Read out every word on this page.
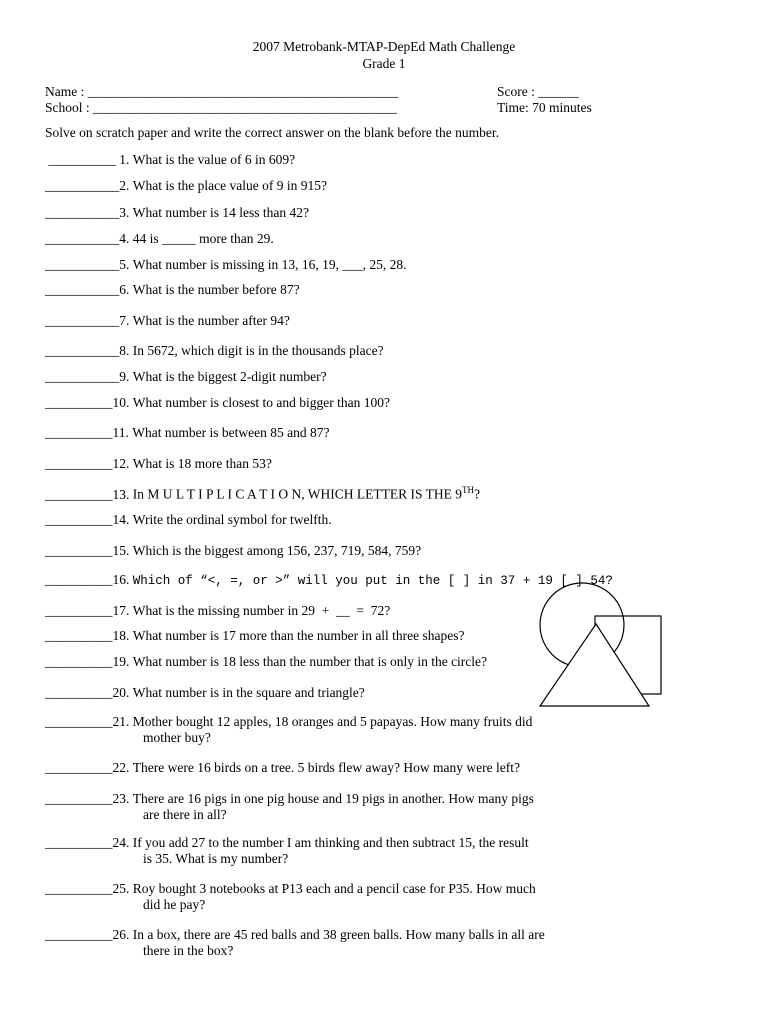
2007 Metrobank-MTAP-DepEd Math Challenge
Grade 1
Name : ______________________________________________
School : _____________________________________________
Score : ______
Time: 70 minutes
Solve on scratch paper and write the correct answer on the blank before the number.
__________ 1. What is the value of 6 in 609?
___________2. What is the place value of 9 in 915?
___________3. What number is 14 less than 42?
___________4. 44 is _____ more than 29.
___________5. What number is missing in 13, 16, 19, ___, 25, 28.
___________6. What is the number before 87?
___________7. What is the number after 94?
___________8. In 5672, which digit is in the thousands place?
___________9. What is the biggest 2-digit number?
__________10. What number is closest to and bigger than 100?
__________11. What number is between 85 and 87?
__________12. What is 18 more than 53?
__________13. In M U L T I P L I C A T I O N, WHICH LETTER IS THE 9TH?
__________14. Write the ordinal symbol for twelfth.
__________15. Which is the biggest among 156, 237, 719, 584, 759?
__________16. Which of “<, =, or >” will you put in the [ ] in 37 + 19 [ ] 54?
__________17. What is the missing number in 29  +  __  =  72?
__________18. What number is 17 more than the number in all three shapes?
__________19. What number is 18 less than the number that is only in the circle?
__________20. What number is in the square and triangle?
__________21. Mother bought 12 apples, 18 oranges and 5 papayas. How many fruits did
mother buy?
__________22. There were 16 birds on a tree. 5 birds flew away? How many were left?
__________23. There are 16 pigs in one pig house and 19 pigs in another. How many pigs
are there in all?
__________24. If you add 27 to the number I am thinking and then subtract 15, the result
is 35. What is my number?
__________25. Roy bought 3 notebooks at P13 each and a pencil case for P35. How much
did he pay?
__________26. In a box, there are 45 red balls and 38 green balls. How many balls in all are
there in the box?
